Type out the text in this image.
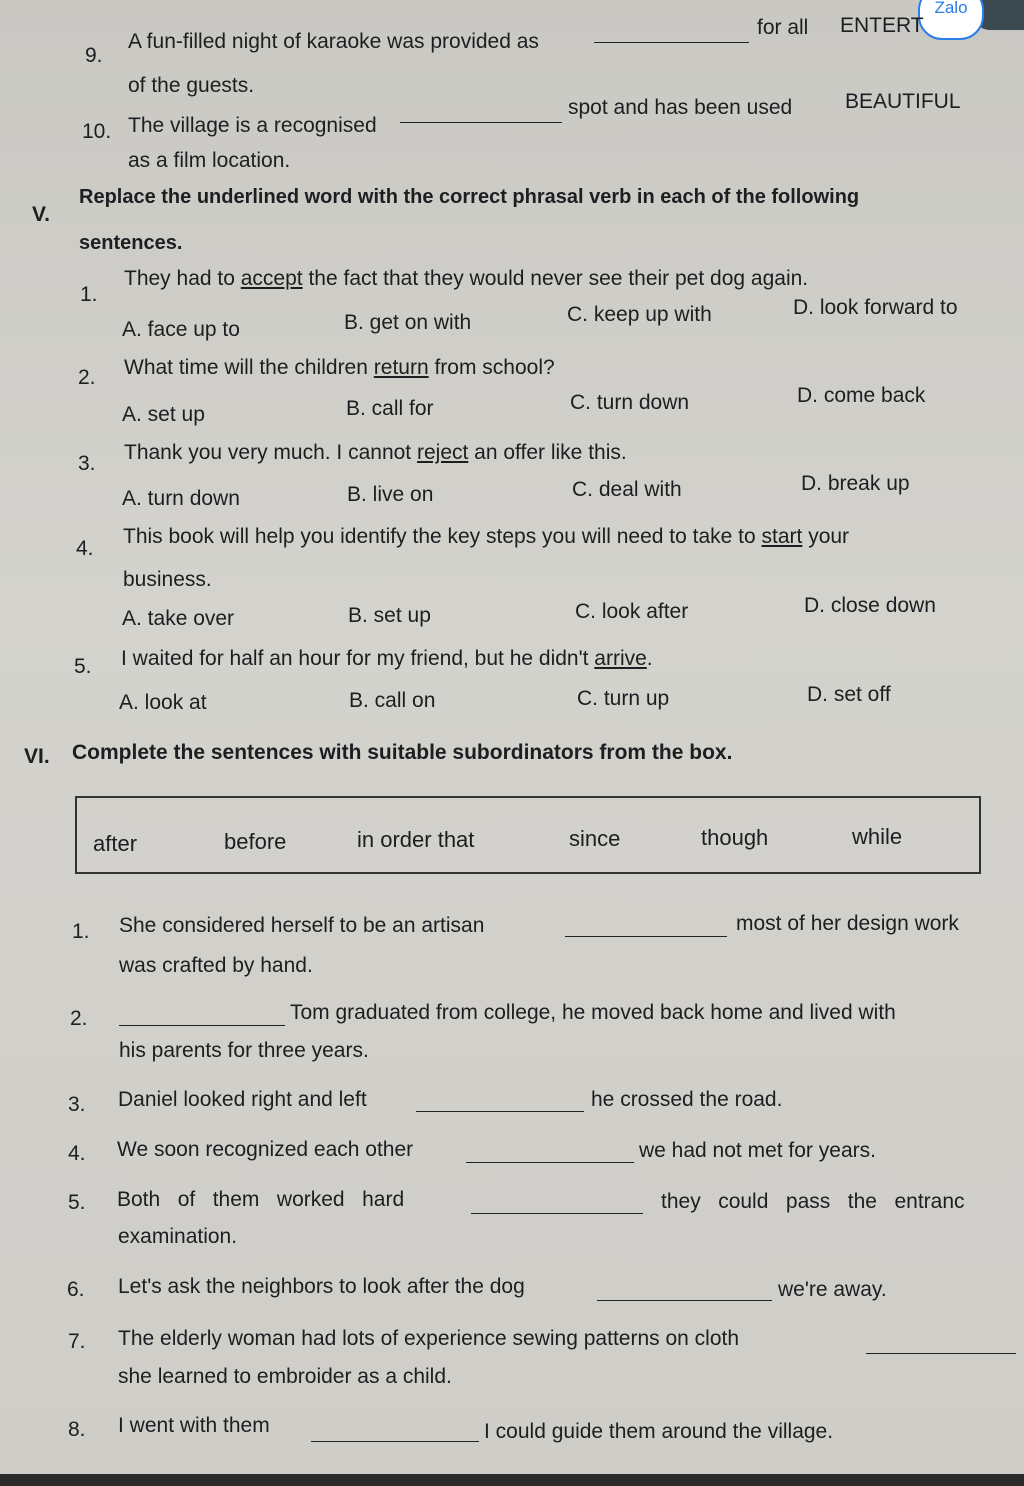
Zalo
9.
A fun-filled night of karaoke was provided as
for all ENTERT
of the guests.
10. The village is a recognised
spot and has been used	BEAUTIFUL
as a film location.
V.
Replace the underlined word with the correct phrasal verb in each of the following
sentences.
1.
They had to accept the fact that they would never see their pet dog again.
A. face up to	B. get on with	C. keep up with	D. look forward to
2. What time will the children return from school?
A. set up	B. call for	C. turn down	D. come back
3. Thank you very much. I cannot reject an offer like this.
A. turn down	B. live on	C. deal with	D. break up
4.
This book will help you identify the key steps you will need to take to start your
business.
A. take over	B. set up	C. look after	D. close down
5. I waited for half an hour for my friend, but he didn't arrive.
A. look at	B. call on	C. turn up	D. set off
VI. Complete the sentences with suitable subordinators from the box.
after	before	in order that	since	though	while
1. She considered herself to be an artisan	most of her design work
was crafted by hand.
2.	Tom graduated from college, he moved back home and lived with
his parents for three years.
3. Daniel looked right and left	he crossed the road.
4. We soon recognized each other	we had not met for years.
5. Both   of   them   worked   hard	they   could   pass   the   entranc
examination.
6. Let's ask the neighbors to look after the dog	we're away.
7. The elderly woman had lots of experience sewing patterns on cloth
she learned to embroider as a child.
8. I went with them	I could guide them around the village.
